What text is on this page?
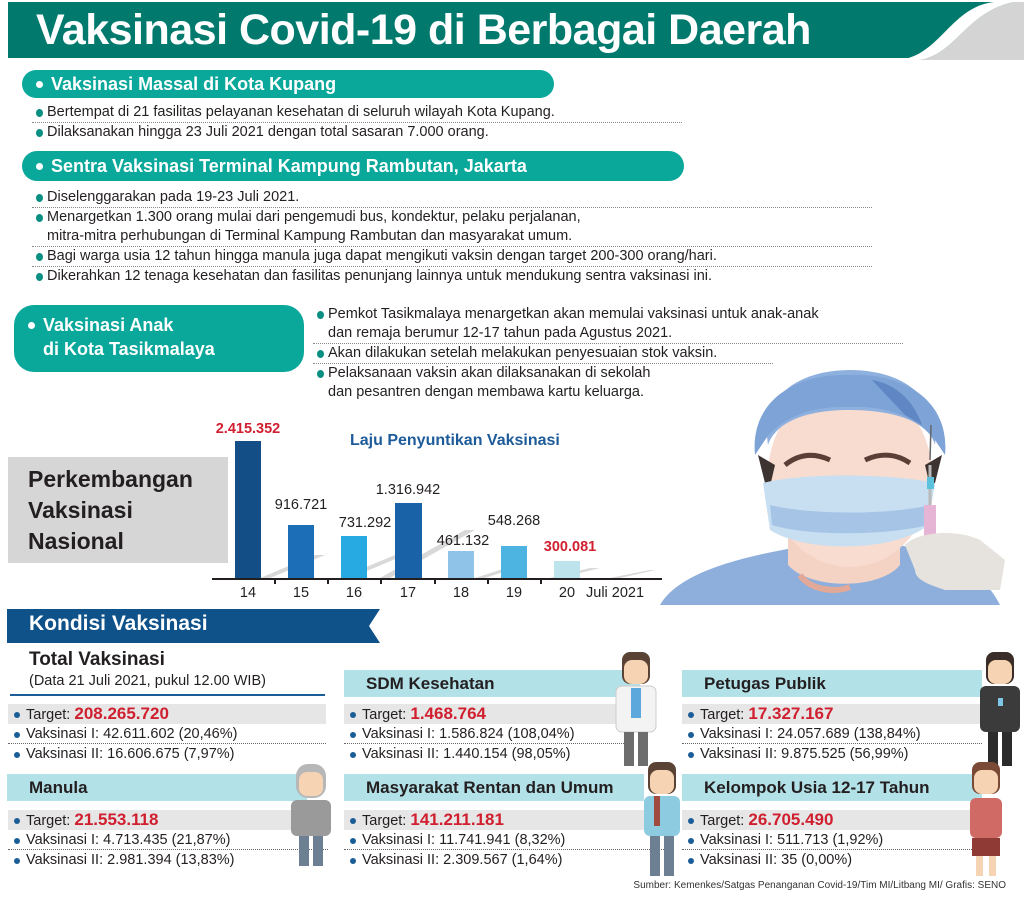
Vaksinasi Covid-19 di Berbagai Daerah
Vaksinasi Massal di Kota Kupang
Bertempat di 21 fasilitas pelayanan kesehatan di seluruh wilayah Kota Kupang.
Dilaksanakan hingga 23 Juli 2021 dengan total sasaran 7.000 orang.
Sentra Vaksinasi Terminal Kampung Rambutan, Jakarta
Diselenggarakan pada 19-23 Juli 2021.
Menargetkan 1.300 orang mulai dari pengemudi bus, kondektur, pelaku perjalanan,
mitra-mitra perhubungan di Terminal Kampung Rambutan dan masyarakat umum.
Bagi warga usia 12 tahun hingga manula juga dapat mengikuti vaksin dengan target 200-300 orang/hari.
Dikerahkan 12 tenaga kesehatan dan fasilitas penunjang lainnya untuk mendukung sentra vaksinasi ini.
Vaksinasi Anak
di Kota Tasikmalaya
Pemkot Tasikmalaya menargetkan akan memulai vaksinasi untuk anak-anak
dan remaja berumur 12-17 tahun pada Agustus 2021.
Akan dilakukan setelah melakukan penyesuaian stok vaksin.
Pelaksanaan vaksin akan dilaksanakan di sekolah
dan pesantren dengan membawa kartu keluarga.
Perkembangan
Vaksinasi
Nasional
Laju Penyuntikan Vaksinasi
2.415.352
916.721
731.292
1.316.942
461.132
548.268
300.081
14	15	16	17	18	19	20 Juli 2021
Kondisi Vaksinasi
Total Vaksinasi
(Data 21 Juli 2021, pukul 12.00 WIB)
Target: 208.265.720
Vaksinasi I: 42.611.602 (20,46%)
Vaksinasi II: 16.606.675 (7,97%)
SDM Kesehatan
Target: 1.468.764
Vaksinasi I: 1.586.824 (108,04%)
Vaksinasi II: 1.440.154 (98,05%)
Petugas Publik
Target: 17.327.167
Vaksinasi I: 24.057.689 (138,84%)
Vaksinasi II: 9.875.525 (56,99%)
Manula
Target: 21.553.118
Vaksinasi I: 4.713.435 (21,87%)
Vaksinasi II: 2.981.394 (13,83%)
Masyarakat Rentan dan Umum
Target: 141.211.181
Vaksinasi I: 11.741.941 (8,32%)
Vaksinasi II: 2.309.567 (1,64%)
Kelompok Usia 12-17 Tahun
Target: 26.705.490
Vaksinasi I: 511.713 (1,92%)
Vaksinasi II: 35 (0,00%)
Sumber: Kemenkes/Satgas Penanganan Covid-19/Tim MI/Litbang MI/ Grafis: SENO
